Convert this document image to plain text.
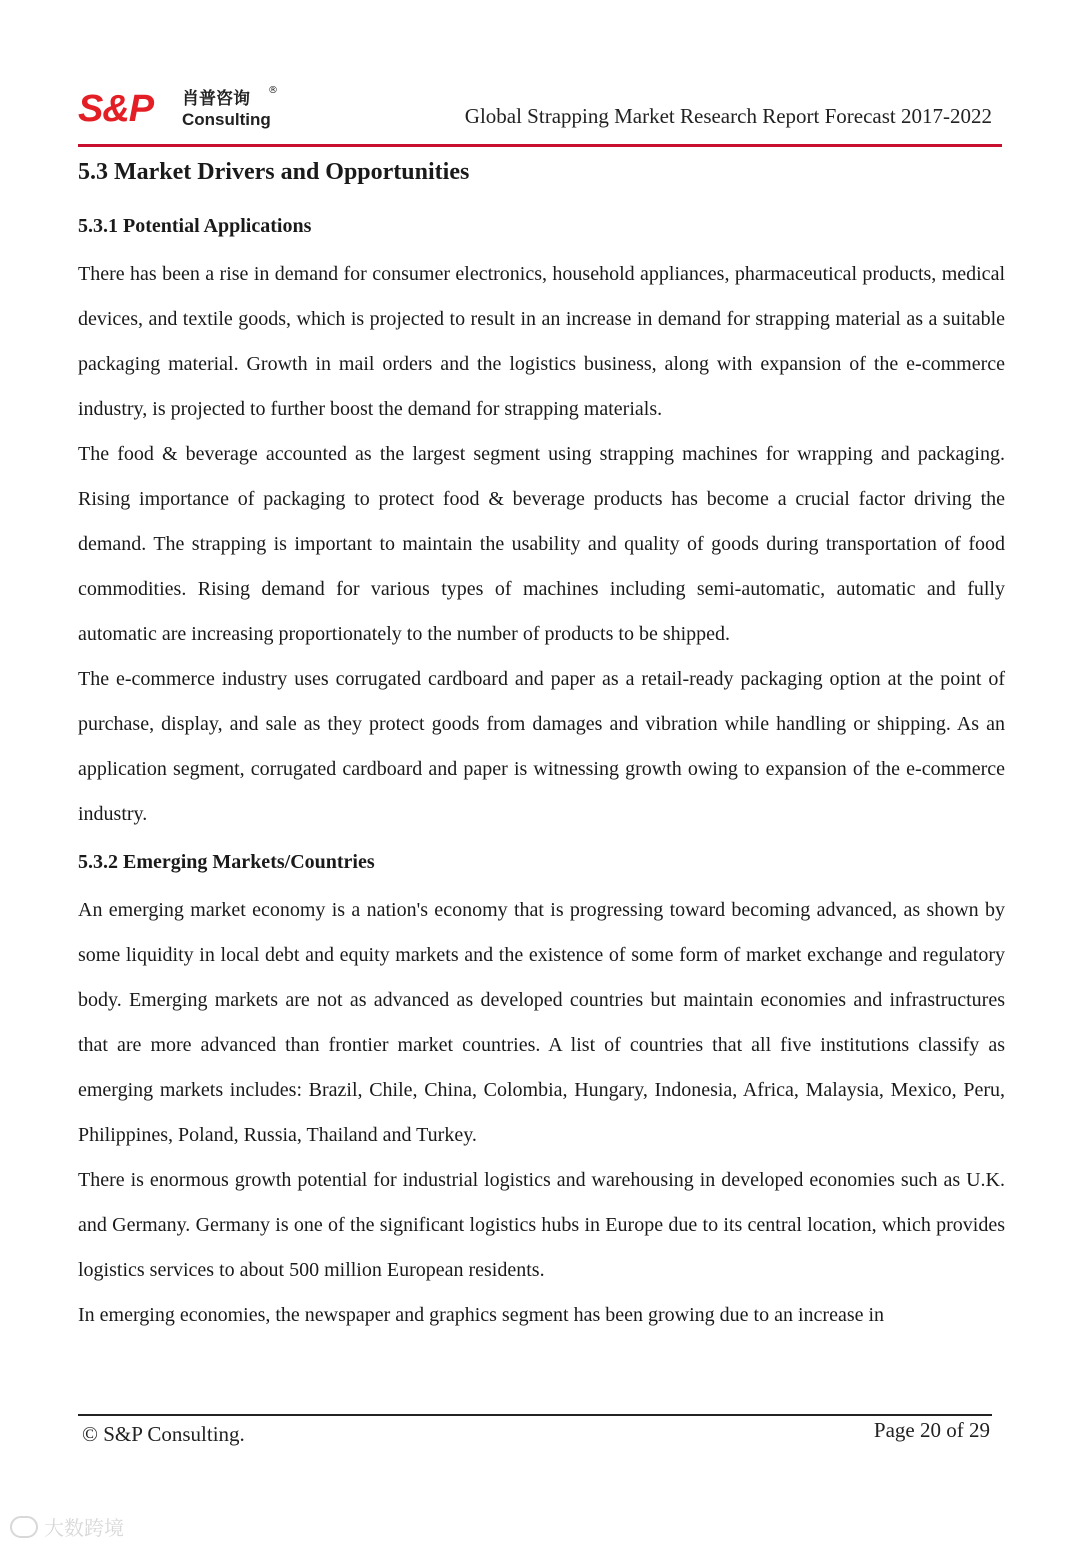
S&P 肖普咨询 ®
Consulting	Global Strapping Market Research Report Forecast 2017-2022
5.3 Market Drivers and Opportunities
5.3.1 Potential Applications

There has been a rise in demand for consumer electronics, household appliances, pharmaceutical products, medical devices, and textile goods, which is projected to result in an increase in demand for strapping material as a suitable packaging material. Growth in mail orders and the logistics business, along with expansion of the e-commerce industry, is projected to further boost the demand for strapping materials.

The food & beverage accounted as the largest segment using strapping machines for wrapping and packaging. Rising importance of packaging to protect food & beverage products has become a crucial factor driving the demand. The strapping is important to maintain the usability and quality of goods during transportation of food commodities. Rising demand for various types of machines including semi-automatic, automatic and fully automatic are increasing proportionately to the number of products to be shipped.

The e-commerce industry uses corrugated cardboard and paper as a retail-ready packaging option at the point of purchase, display, and sale as they protect goods from damages and vibration while handling or shipping. As an application segment, corrugated cardboard and paper is witnessing growth owing to expansion of the e-commerce industry.

5.3.2 Emerging Markets/Countries

An emerging market economy is a nation's economy that is progressing toward becoming advanced, as shown by some liquidity in local debt and equity markets and the existence of some form of market exchange and regulatory body. Emerging markets are not as advanced as developed countries but maintain economies and infrastructures that are more advanced than frontier market countries. A list of countries that all five institutions classify as emerging markets includes: Brazil, Chile, China, Colombia, Hungary, Indonesia, Africa, Malaysia, Mexico, Peru, Philippines, Poland, Russia, Thailand and Turkey.

There is enormous growth potential for industrial logistics and warehousing in developed economies such as U.K. and Germany. Germany is one of the significant logistics hubs in Europe due to its central location, which provides logistics services to about 500 million European residents.

In emerging economies, the newspaper and graphics segment has been growing due to an increase in

© S&P Consulting.	Page 20 of 29
大数跨境
